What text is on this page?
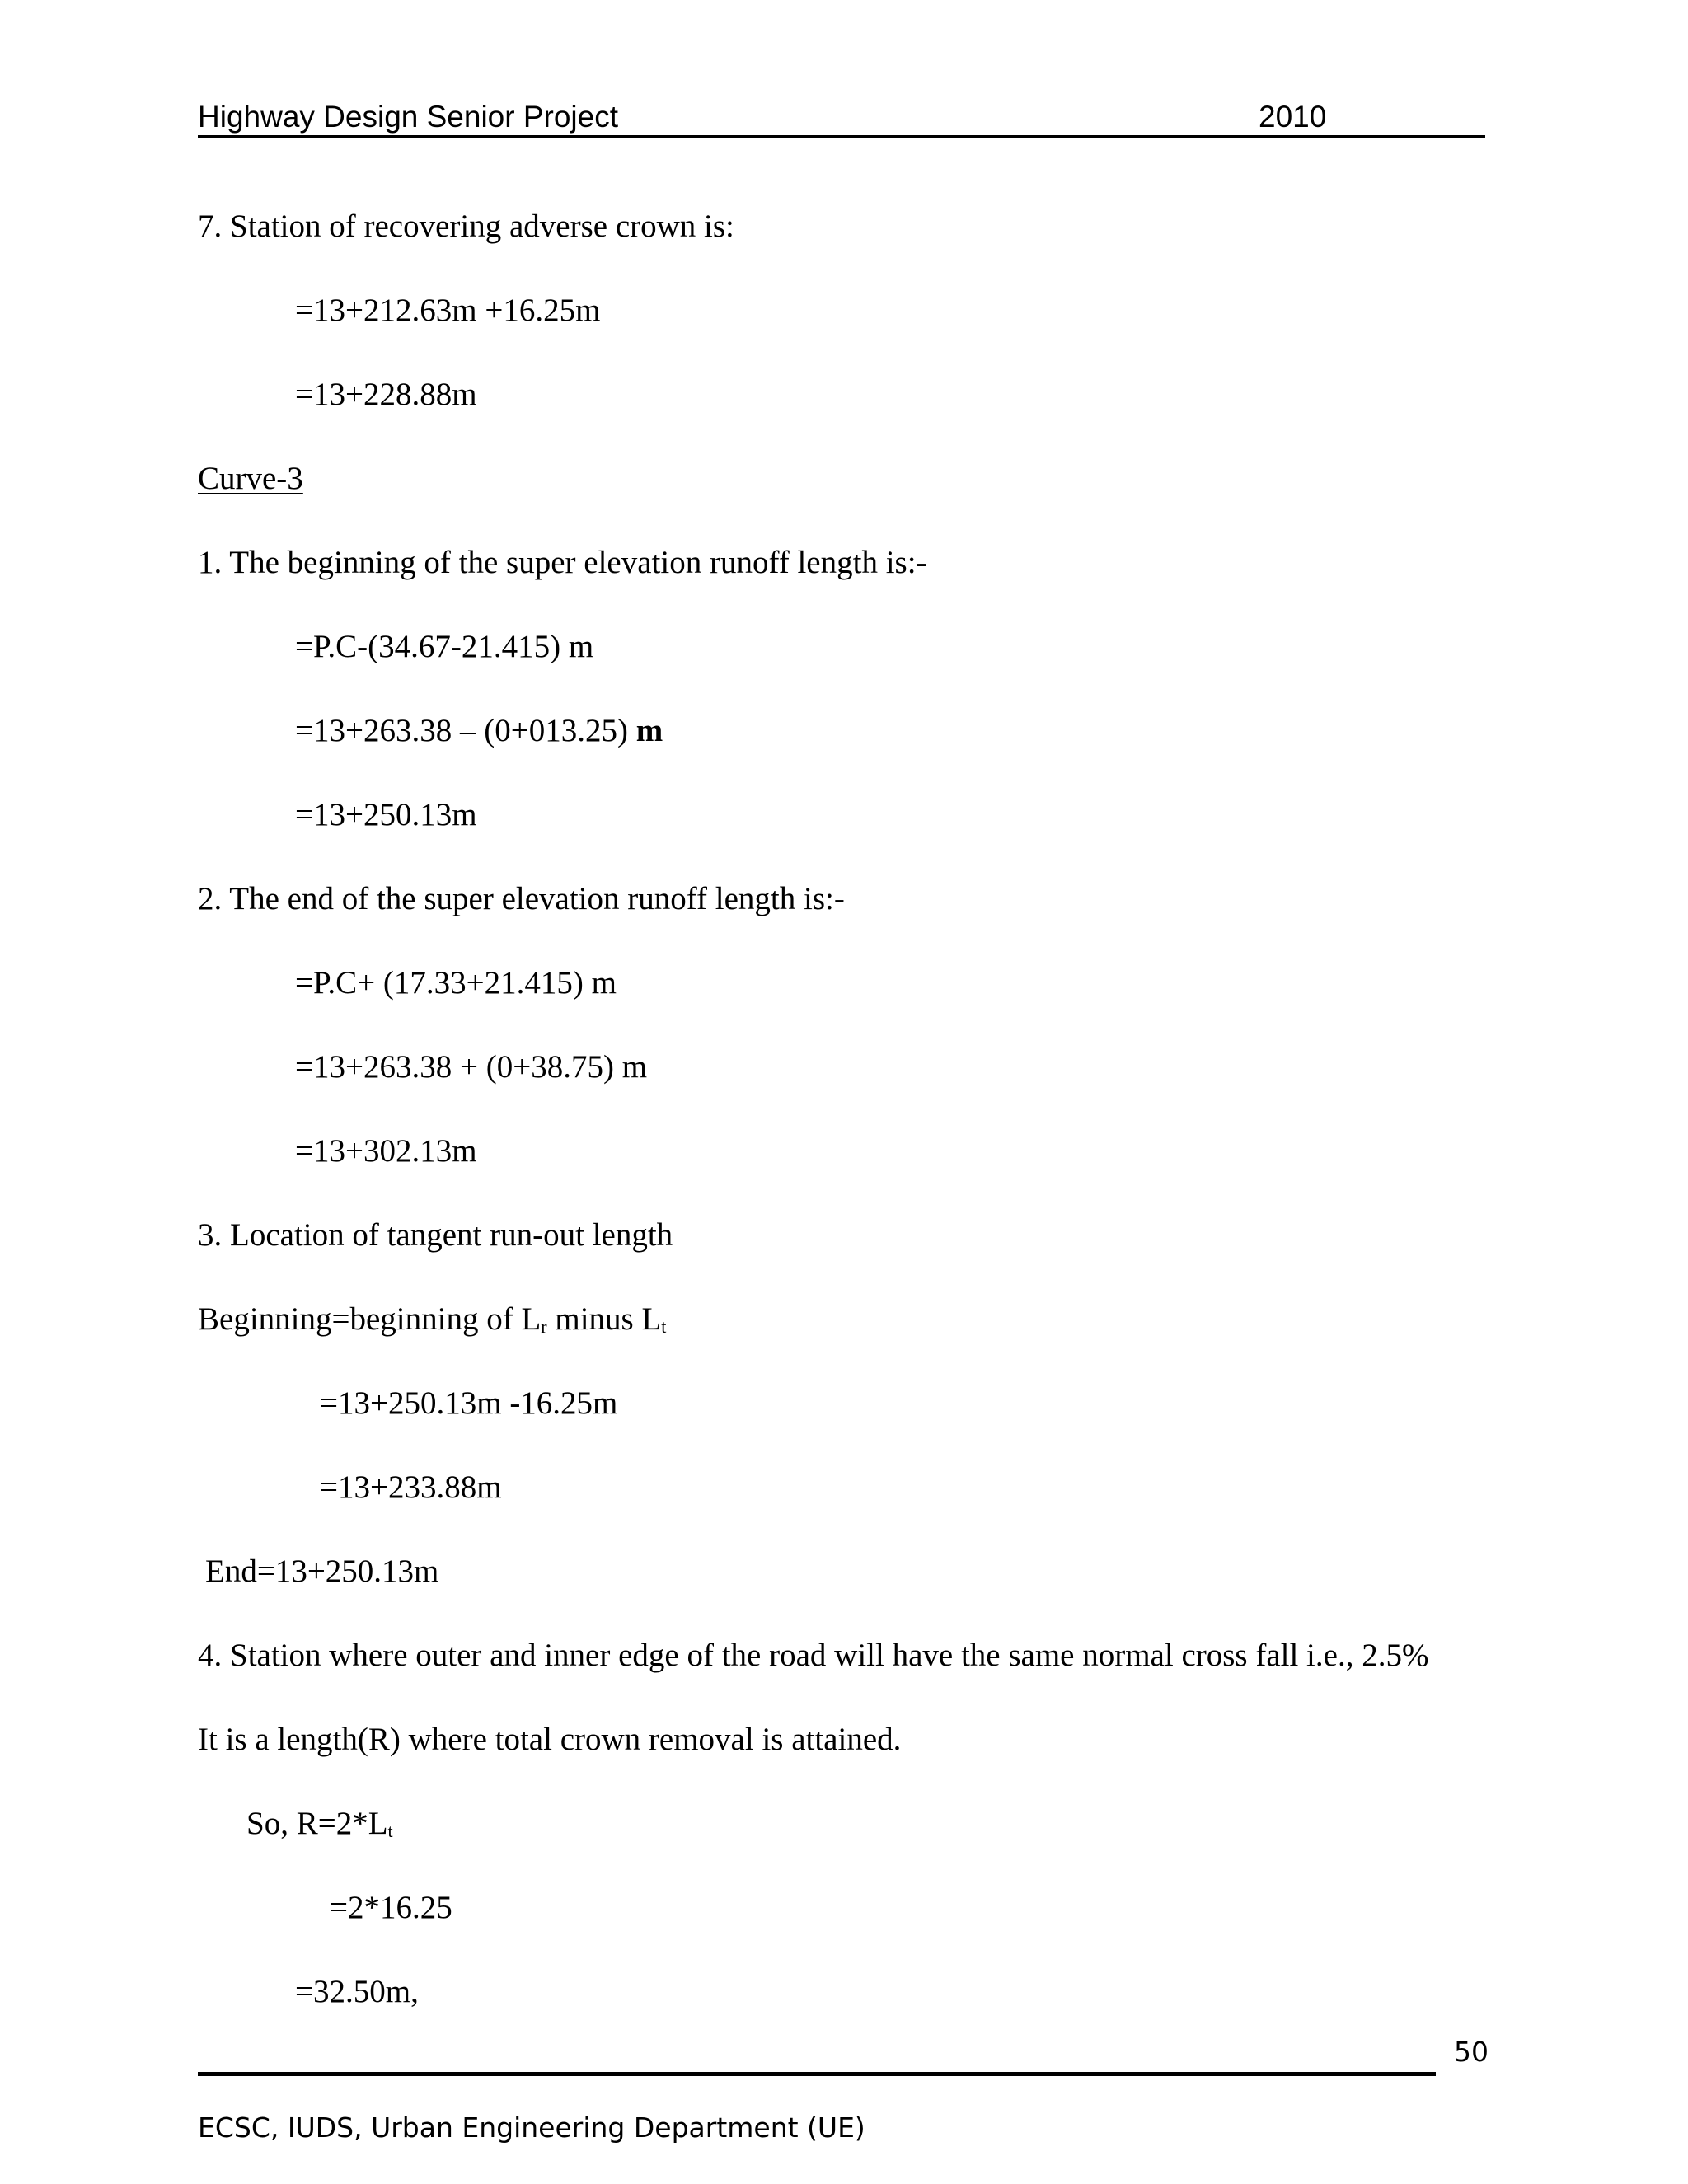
Highway Design Senior Project	2010
7. Station of recovering adverse crown is:
=13+212.63m +16.25m
=13+228.88m
Curve-3
1. The beginning of the super elevation runoff length is:-
=P.C-(34.67-21.415) m
=13+263.38 – (0+013.25) m
=13+250.13m
2. The end of the super elevation runoff length is:-
=P.C+ (17.33+21.415) m
=13+263.38 + (0+38.75) m
=13+302.13m
3. Location of tangent run-out length
Beginning=beginning of $L_r$ minus $L_t$
=13+250.13m -16.25m
=13+233.88m
End=13+250.13m
4. Station where outer and inner edge of the road will have the same normal cross fall i.e., 2.5%
It is a length(R) where total crown removal is attained.
So, $R=2*L_t$
=2*16.25
=32.50m,
50
ECSC, IUDS, Urban Engineering Department (UE)
